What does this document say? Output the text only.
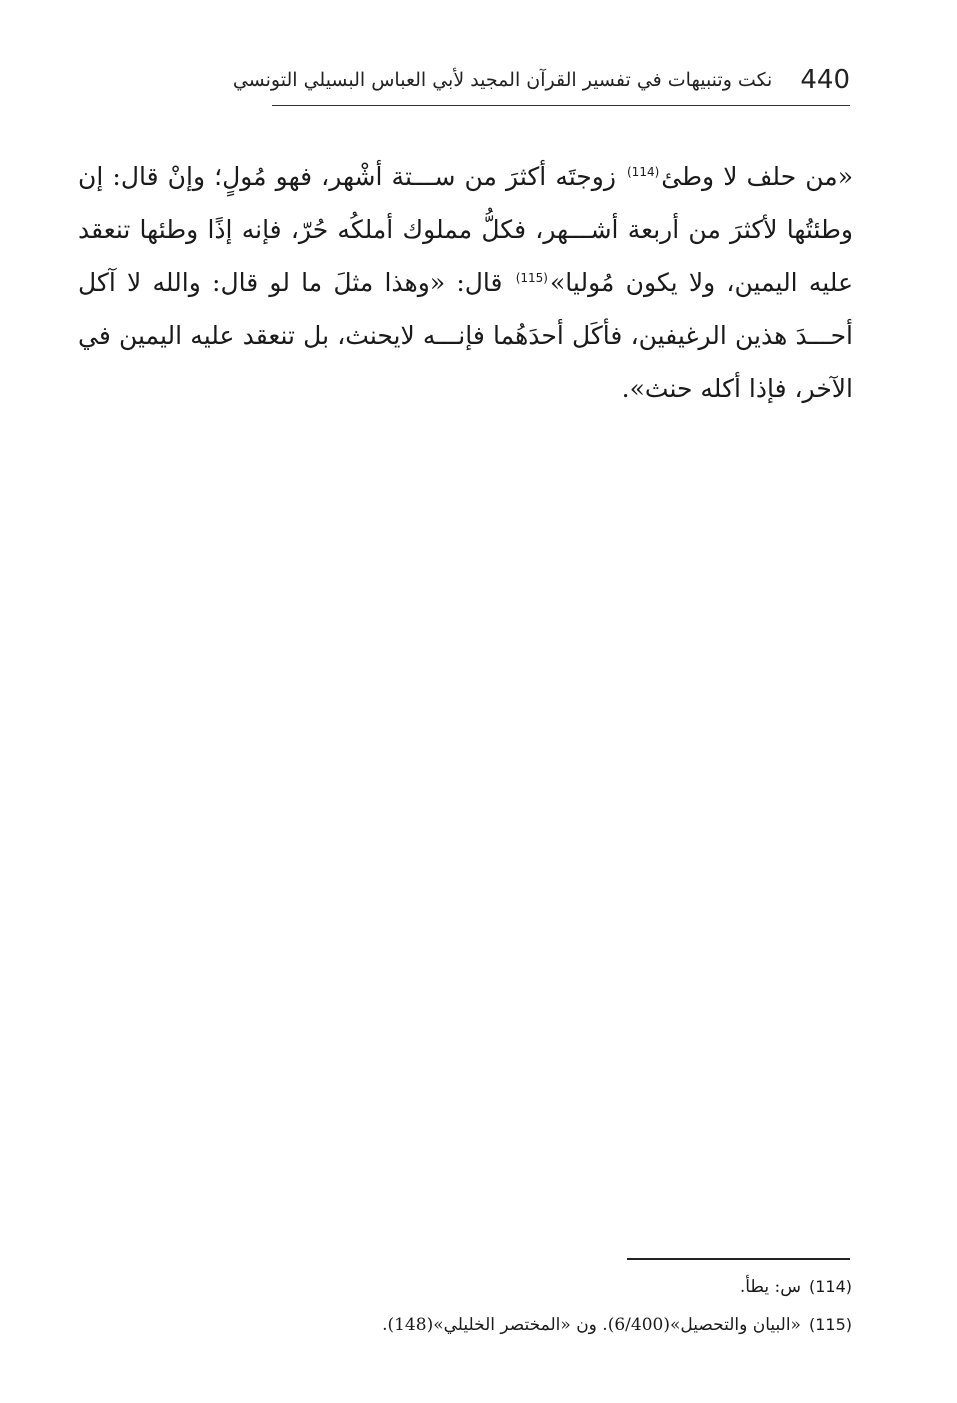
440
نكت وتنبيهات في تفسير القرآن المجيد لأبي العباس البسيلي التونسي

«من حلف لا وطئ$^{(114)}$ زوجتَه أكثرَ من ســـتة أشْهر، فهو مُولٍ؛ وإنْ قال: إن وطئتُها لأكثرَ من أربعة أشـــهر، فكلُّ مملوك أملكُه حُرّ، فإنه إذًا وطئها تنعقد عليه اليمين، ولا يكون مُوليا»$^{(115)}$ قال: «وهذا مثلَ ما لو قال: والله لا آكل أحـــدَ هذين الرغيفين، فأكَل أحدَهُما فإنـــه لايحنث، بل تنعقد عليه اليمين في الآخر، فإذا أكله حنث».

(114)س: يطأ.

(115)«البيان والتحصيل»(6/400). ون «المختصر الخليلي»(148).
